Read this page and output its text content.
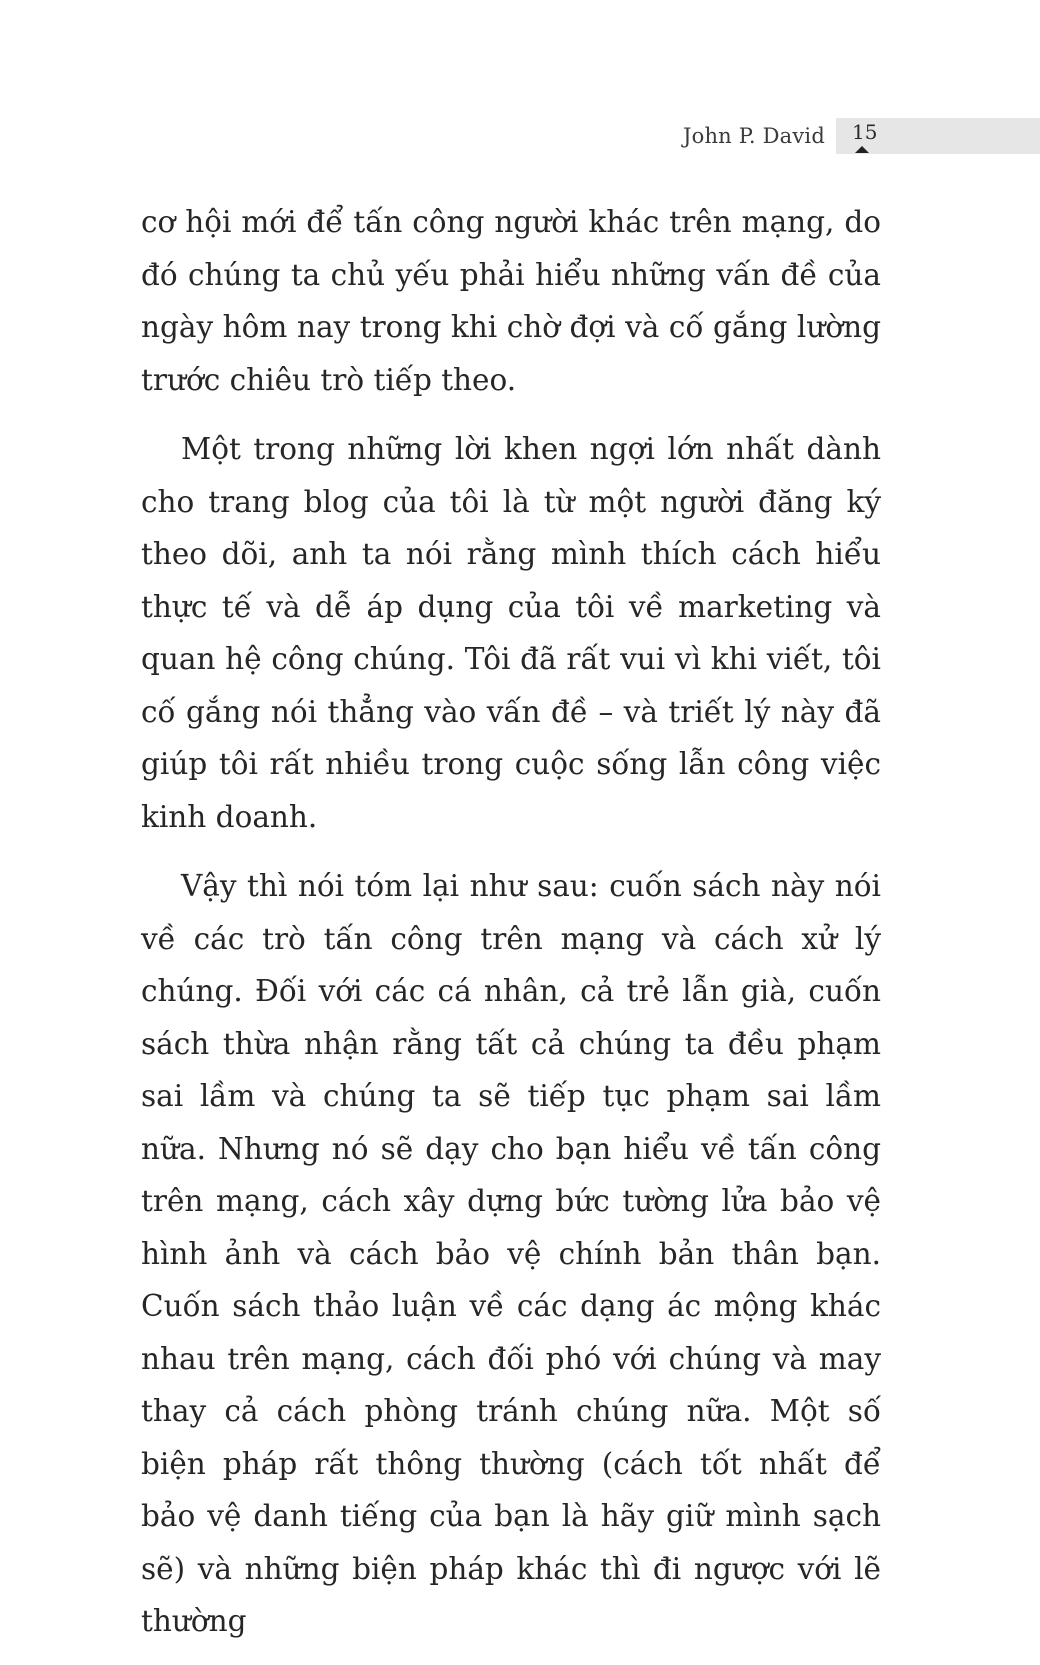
John P. David 15

cơ hội mới để tấn công người khác trên mạng, do đó chúng ta chủ yếu phải hiểu những vấn đề của ngày hôm nay trong khi chờ đợi và cố gắng lường trước chiêu trò tiếp theo.

Một trong những lời khen ngợi lớn nhất dành cho trang blog của tôi là từ một người đăng ký theo dõi, anh ta nói rằng mình thích cách hiểu thực tế và dễ áp dụng của tôi về marketing và quan hệ công chúng. Tôi đã rất vui vì khi viết, tôi cố gắng nói thẳng vào vấn đề – và triết lý này đã giúp tôi rất nhiều trong cuộc sống lẫn công việc kinh doanh.

Vậy thì nói tóm lại như sau: cuốn sách này nói về các trò tấn công trên mạng và cách xử lý chúng. Đối với các cá nhân, cả trẻ lẫn già, cuốn sách thừa nhận rằng tất cả chúng ta đều phạm sai lầm và chúng ta sẽ tiếp tục phạm sai lầm nữa. Nhưng nó sẽ dạy cho bạn hiểu về tấn công trên mạng, cách xây dựng bức tường lửa bảo vệ hình ảnh và cách bảo vệ chính bản thân bạn. Cuốn sách thảo luận về các dạng ác mộng khác nhau trên mạng, cách đối phó với chúng và may thay cả cách phòng tránh chúng nữa. Một số biện pháp rất thông thường (cách tốt nhất để bảo vệ danh tiếng của bạn là hãy giữ mình sạch sẽ) và những biện pháp khác thì đi ngược với lẽ thường
